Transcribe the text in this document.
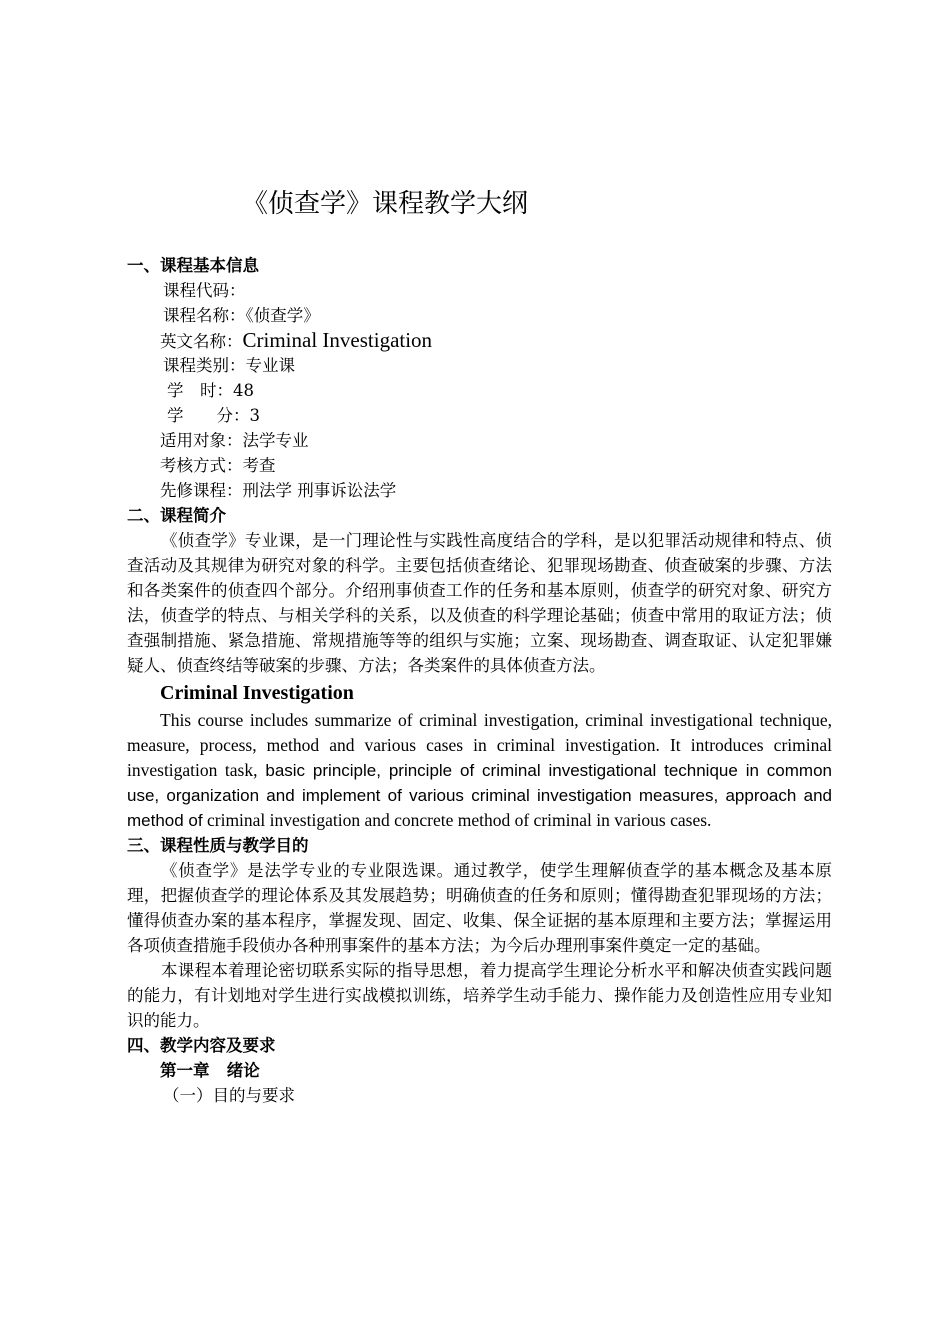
《侦查学》课程教学大纲
一、课程基本信息
课程代码：
课程名称：《侦查学》
英文名称：Criminal Investigation
课程类别：专业课
学　时：48
学　　分：3
适用对象：法学专业
考核方式：考查
先修课程：刑法学 刑事诉讼法学
二、课程简介
《侦查学》专业课，是一门理论性与实践性高度结合的学科，是以犯罪活动规律和特点、侦查活动及其规律为研究对象的科学。主要包括侦查绪论、犯罪现场勘查、侦查破案的步骤、方法和各类案件的侦查四个部分。介绍刑事侦查工作的任务和基本原则，侦查学的研究对象、研究方法，侦查学的特点、与相关学科的关系，以及侦查的科学理论基础；侦查中常用的取证方法；侦查强制措施、紧急措施、常规措施等等的组织与实施；立案、现场勘查、调查取证、认定犯罪嫌疑人、侦查终结等破案的步骤、方法；各类案件的具体侦查方法。
Criminal Investigation
This course includes summarize of criminal investigation, criminal investigational technique, measure, process, method and various cases in criminal investigation. It introduces criminal investigation task, basic principle, principle of criminal investigational technique in common use, organization and implement of various criminal investigation measures, approach and method of criminal investigation and concrete method of criminal in various cases.
三、课程性质与教学目的
《侦查学》是法学专业的专业限选课。通过教学，使学生理解侦查学的基本概念及基本原理，把握侦查学的理论体系及其发展趋势；明确侦查的任务和原则；懂得勘查犯罪现场的方法；懂得侦查办案的基本程序，掌握发现、固定、收集、保全证据的基本原理和主要方法；掌握运用各项侦查措施手段侦办各种刑事案件的基本方法；为今后办理刑事案件奠定一定的基础。
本课程本着理论密切联系实际的指导思想，着力提高学生理论分析水平和解决侦查实践问题的能力，有计划地对学生进行实战模拟训练，培养学生动手能力、操作能力及创造性应用专业知识的能力。
四、教学内容及要求
第一章   绪论
（一）目的与要求
